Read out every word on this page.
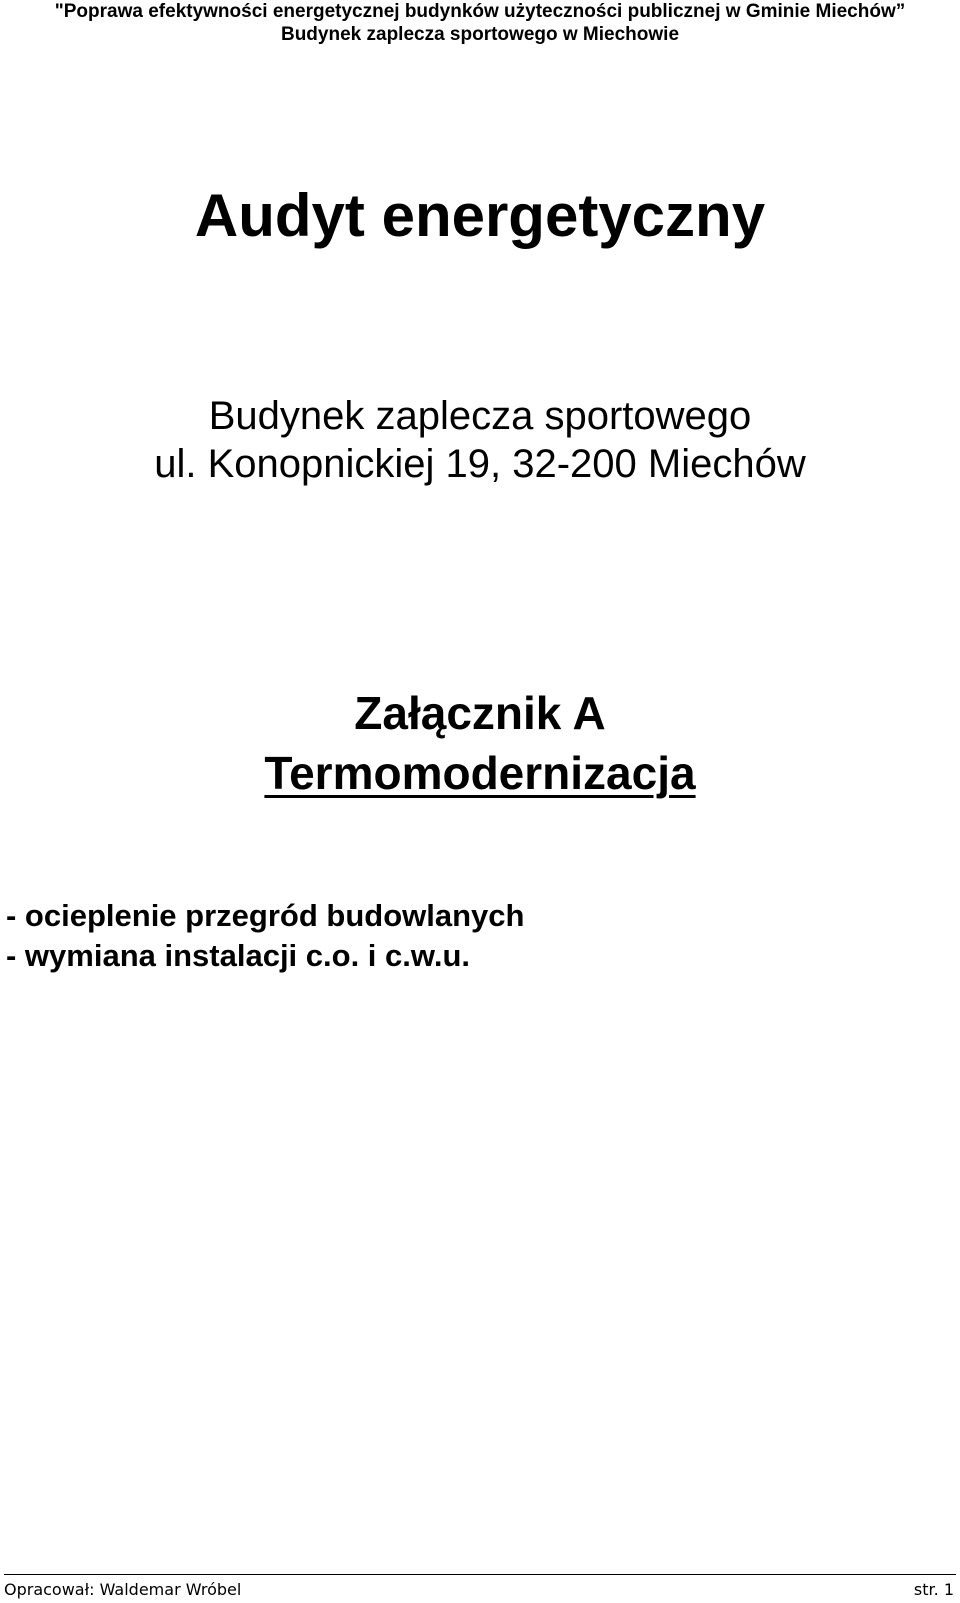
"Poprawa efektywności energetycznej budynków użyteczności publicznej w Gminie Miechów”
Budynek zaplecza sportowego w Miechowie
Audyt energetyczny
Budynek zaplecza sportowego
ul. Konopnickiej 19, 32-200 Miechów
Załącznik A
Termomodernizacja
- ocieplenie przegród budowlanych
- wymiana instalacji c.o. i c.w.u.
Opracował: Waldemar Wróbel	str. 1
